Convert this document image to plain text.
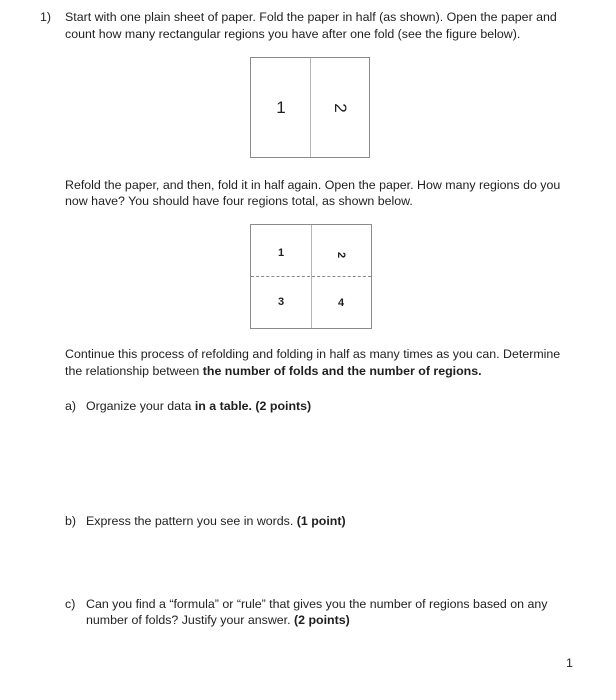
1) Start with one plain sheet of paper. Fold the paper in half (as shown). Open the paper and
count how many rectangular regions you have after one fold (see the figure below).
1	2
Refold the paper, and then, fold it in half again. Open the paper. How many regions do you
now have? You should have four regions total, as shown below.
1	2
3	4
Continue this process of refolding and folding in half as many times as you can. Determine
the relationship between the number of folds and the number of regions.
a) Organize your data in a table. (2 points)
b) Express the pattern you see in words. (1 point)
c) Can you find a “formula” or “rule” that gives you the number of regions based on any
number of folds? Justify your answer. (2 points)
1
